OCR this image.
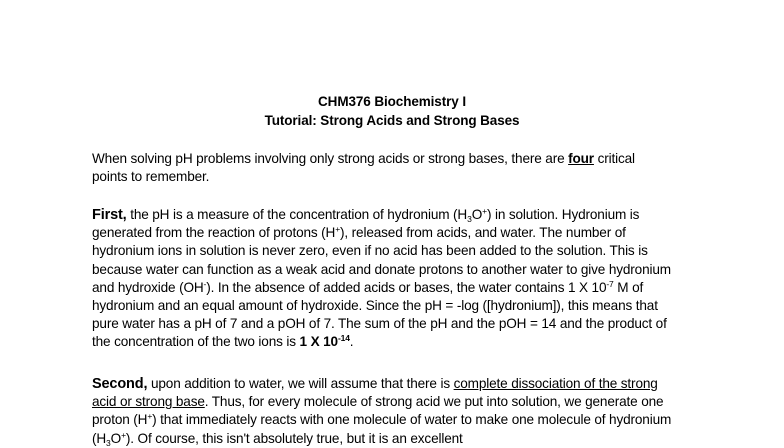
CHM376 Biochemistry I
Tutorial: Strong Acids and Strong Bases

When solving pH problems involving only strong acids or strong bases, there are four critical points to remember.

First, the pH is a measure of the concentration of hydronium $(H_3O^+)$ in solution. Hydronium is generated from the reaction of protons (H+), released from acids, and water. The number of hydronium ions in solution is never zero, even if no acid has been added to the solution. This is because water can function as a weak acid and donate protons to another water to give hydronium and hydroxide (OH-). In the absence of added acids or bases, the water contains 1 X $10^{-7}$ M of hydronium and an equal amount of hydroxide. Since the pH = -log ([hydronium]), this means that pure water has a pH of 7 and a pOH of 7. The sum of the pH and the pOH = 14 and the product of the concentration of the two ions is 1 X $10^{-14}$.

Second, upon addition to water, we will assume that there is complete dissociation of the strong acid or strong base. Thus, for every molecule of strong acid we put into solution, we generate one proton (H+) that immediately reacts with one molecule of water to make one molecule of hydronium $(H_3O^+)$. Of course, this isn't absolutely true, but it is an excellent
